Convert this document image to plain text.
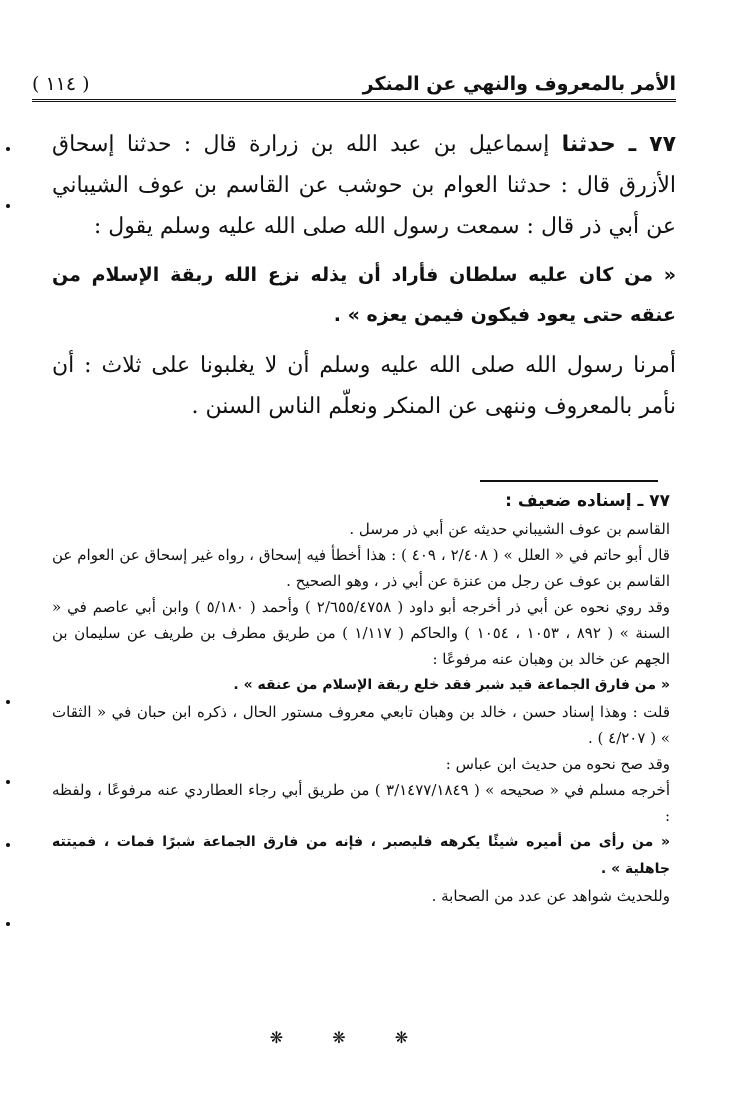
الأمر بالمعروف والنهي عن المنكر
( ١١٤ )

٧٧ ـ حدثنا إسماعيل بن عبد الله بن زرارة قال : حدثنا إسحاق الأزرق قال : حدثنا العوام بن حوشب عن القاسم بن عوف الشيباني عن أبي ذر قال : سمعت رسول الله صلى الله عليه وسلم يقول :

« من كان عليه سلطان فأراد أن يذله نزع الله ربقة الإسلام من عنقه حتى يعود فيكون فيمن يعزه » .

أمرنا رسول الله صلى الله عليه وسلم أن لا يغلبونا على ثلاث : أن نأمر بالمعروف وننهى عن المنكر ونعلّم الناس السنن .

٧٧ ـ إسناده ضعيف :

القاسم بن عوف الشيباني حديثه عن أبي ذر مرسل .

قال أبو حاتم في « العلل » ( ٢/٤٠٨ ، ٤٠٩ ) : هذا أخطأ فيه إسحاق ، رواه غير إسحاق عن العوام عن القاسم بن عوف عن رجل من عنزة عن أبي ذر ، وهو الصحيح .

وقد روي نحوه عن أبي ذر أخرجه أبو داود ( ٢/٦٥٥/٤٧٥٨ ) وأحمد ( ٥/١٨٠ ) وابن أبي عاصم في « السنة » ( ٨٩٢ ، ١٠٥٣ ، ١٠٥٤ ) والحاكم ( ١/١١٧ ) من طريق مطرف بن طريف عن سليمان بن الجهم عن خالد بن وهبان عنه مرفوعًا :

« من فارق الجماعة قيد شبر فقد خلع ربقة الإسلام من عنقه » .

قلت : وهذا إسناد حسن ، خالد بن وهبان تابعي معروف مستور الحال ، ذكره ابن حبان في « الثقات » ( ٤/٢٠٧ ) .

وقد صح نحوه من حديث ابن عباس :

أخرجه مسلم في « صحيحه » ( ٣/١٤٧٧/١٨٤٩ ) من طريق أبي رجاء العطاردي عنه مرفوعًا ، ولفظه :

« من رأى من أميره شيئًا يكرهه فليصبر ، فإنه من فارق الجماعة شبرًا فمات ، فميتته جاهلية » .

وللحديث شواهد عن عدد من الصحابة .

❋ ❋ ❋
